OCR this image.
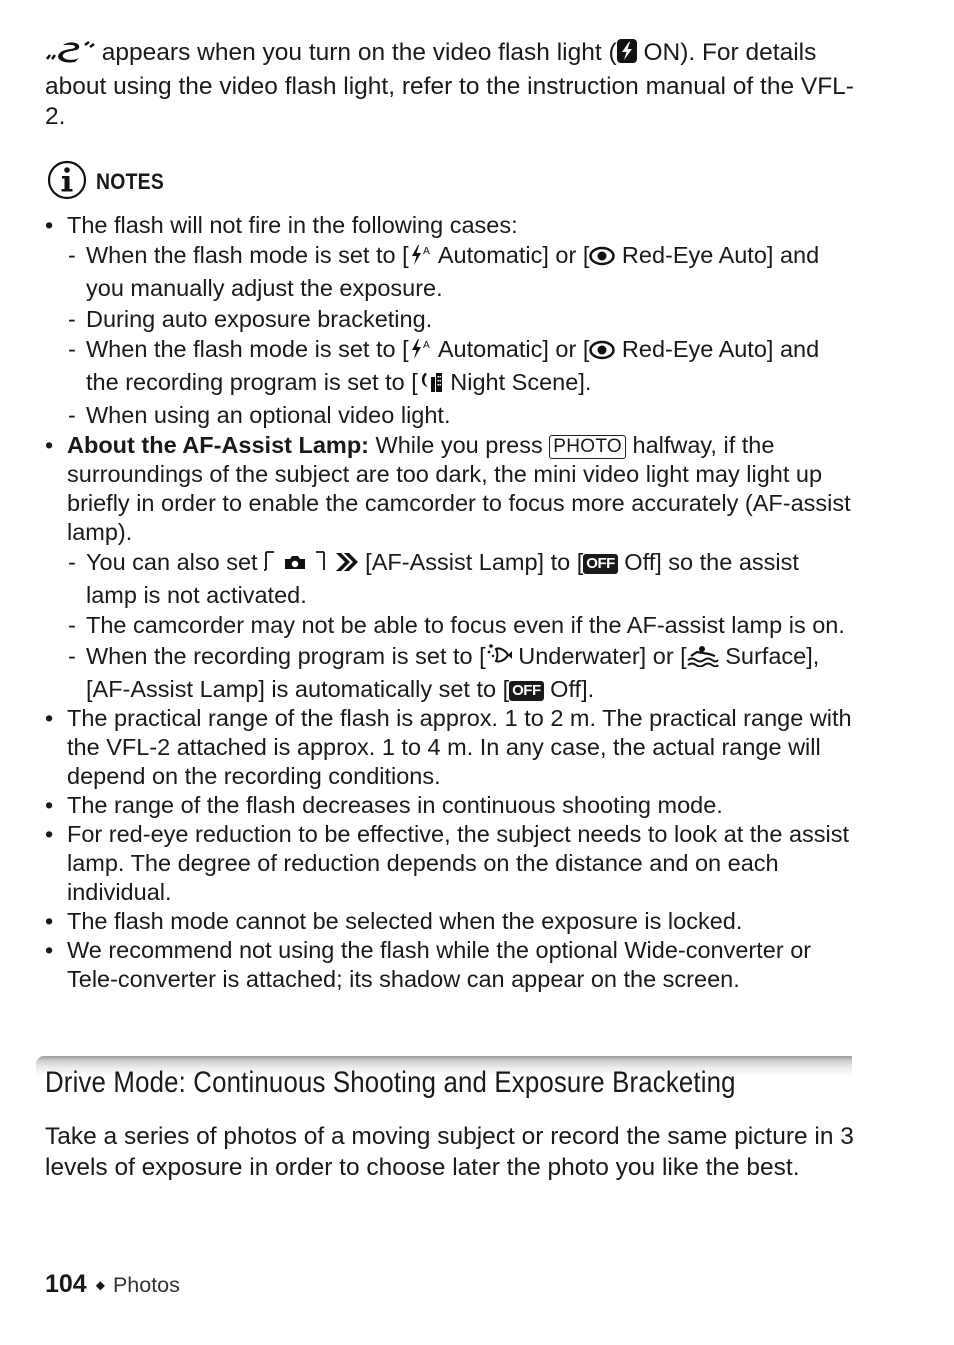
appears when you turn on the video flash light ( ON). For details about using the video flash light, refer to the instruction manual of the VFL-2.

NOTES
• The flash will not fire in the following cases:
- When the flash mode is set to [ A Automatic] or [ Red-Eye Auto] and you manually adjust the exposure.
- During auto exposure bracketing.
- When the flash mode is set to [ A Automatic] or [ Red-Eye Auto] and the recording program is set to [ Night Scene].
- When using an optional video light.
• About the AF-Assist Lamp: While you press PHOTO halfway, if the surroundings of the subject are too dark, the mini video light may light up briefly in order to enable the camcorder to focus more accurately (AF-assist lamp).
- You can also set	[AF-Assist Lamp] to [ OFF Off] so the assist lamp is not activated.
- The camcorder may not be able to focus even if the AF-assist lamp is on.
- When the recording program is set to [ Underwater] or [ Surface], [AF-Assist Lamp] is automatically set to [ OFF Off].
• The practical range of the flash is approx. 1 to 2 m. The practical range with the VFL-2 attached is approx. 1 to 4 m. In any case, the actual range will depend on the recording conditions.
• The range of the flash decreases in continuous shooting mode.
• For red-eye reduction to be effective, the subject needs to look at the assist lamp. The degree of reduction depends on the distance and on each individual.
• The flash mode cannot be selected when the exposure is locked.
• We recommend not using the flash while the optional Wide-converter or Tele-converter is attached; its shadow can appear on the screen.
Drive Mode: Continuous Shooting and Exposure Bracketing

Take a series of photos of a moving subject or record the same picture in 3 levels of exposure in order to choose later the photo you like the best.

104 ◆ Photos
